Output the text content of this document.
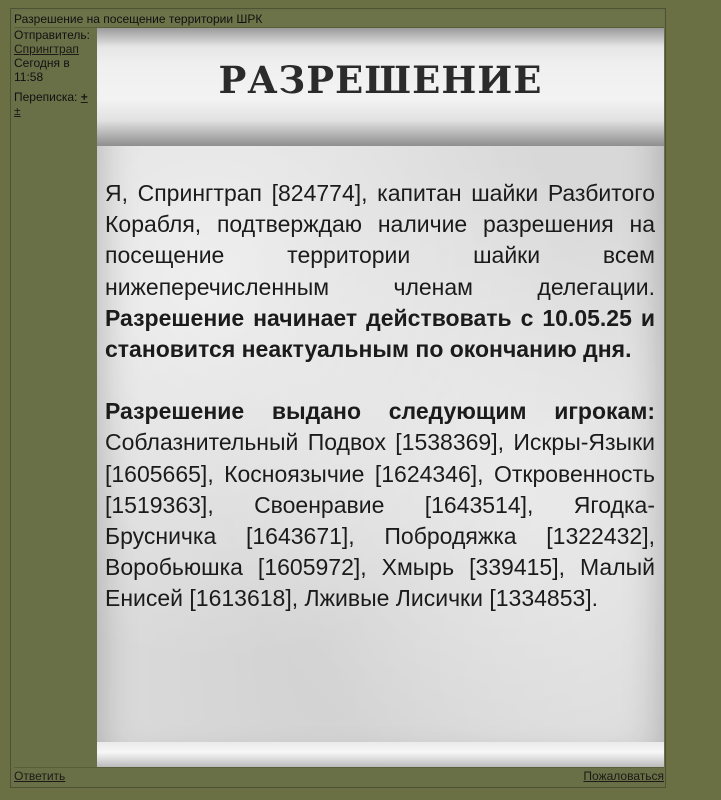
Разрешение на посещение территории ШРК
Отправитель:
Спрингтрап
Сегодня в 11:58
Переписка: +
±
РАЗРЕШЕНИЕ
Я, Спрингтрап [824774], капитан шайки Разбитого Корабля, подтверждаю наличие разрешения на посещение территории шайки всем нижеперечисленным членам делегации. Разрешение начинает действовать с 10.05.25 и становится неактуальным по окончанию дня.
Разрешение выдано следующим игрокам: Соблазнительный Подвох [1538369], Искры-Языки [1605665], Косноязычие [1624346], Откровенность [1519363], Своенравие [1643514], Ягодка-Брусничка [1643671], Побродяжка [1322432], Воробьюшка [1605972], Хмырь [339415], Малый Енисей [1613618], Лживые Лисички [1334853].
Ответить	Пожаловаться
